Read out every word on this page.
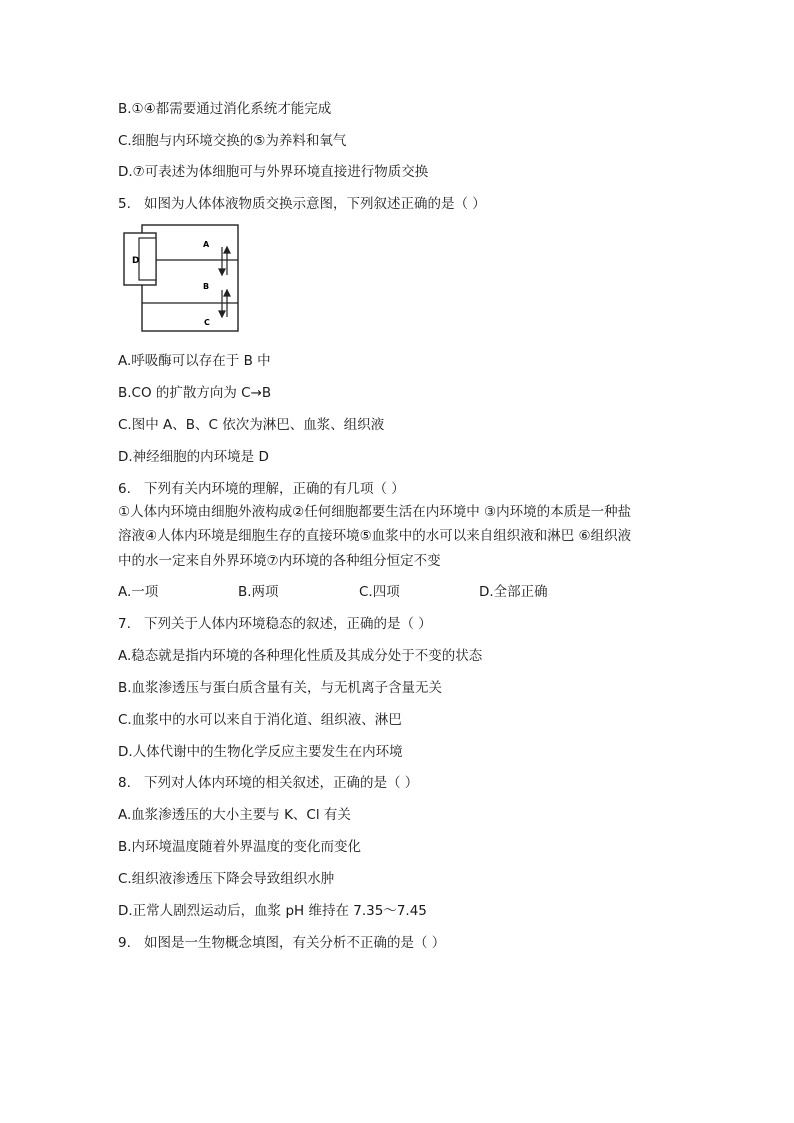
B.①④都需要通过消化系统才能完成
C.细胞与内环境交换的⑤为养料和氧气
D.⑦可表述为体细胞可与外界环境直接进行物质交换
5. 如图为人体体液物质交换示意图，下列叙述正确的是（ ）
D
A
B
C
A.呼吸酶可以存在于 B 中
B.CO 的扩散方向为 C→B
C.图中 A、B、C 依次为淋巴、血浆、组织液
D.神经细胞的内环境是 D
6. 下列有关内环境的理解，正确的有几项（ ）
①人体内环境由细胞外液构成②任何细胞都要生活在内环境中 ③内环境的本质是一种盐
溶液④人体内环境是细胞生存的直接环境⑤血浆中的水可以来自组织液和淋巴 ⑥组织液
中的水一定来自外界环境⑦内环境的各种组分恒定不变
A.一项	B.两项	C.四项	D.全部正确
7. 下列关于人体内环境稳态的叙述，正确的是（ ）
A.稳态就是指内环境的各种理化性质及其成分处于不变的状态
B.血浆渗透压与蛋白质含量有关，与无机离子含量无关
C.血浆中的水可以来自于消化道、组织液、淋巴
D.人体代谢中的生物化学反应主要发生在内环境
8. 下列对人体内环境的相关叙述，正确的是（ ）
A.血浆渗透压的大小主要与 K、Cl 有关
B.内环境温度随着外界温度的变化而变化
C.组织液渗透压下降会导致组织水肿
D.正常人剧烈运动后，血浆 pH 维持在 7.35～7.45
9. 如图是一生物概念填图，有关分析不正确的是（ ）
